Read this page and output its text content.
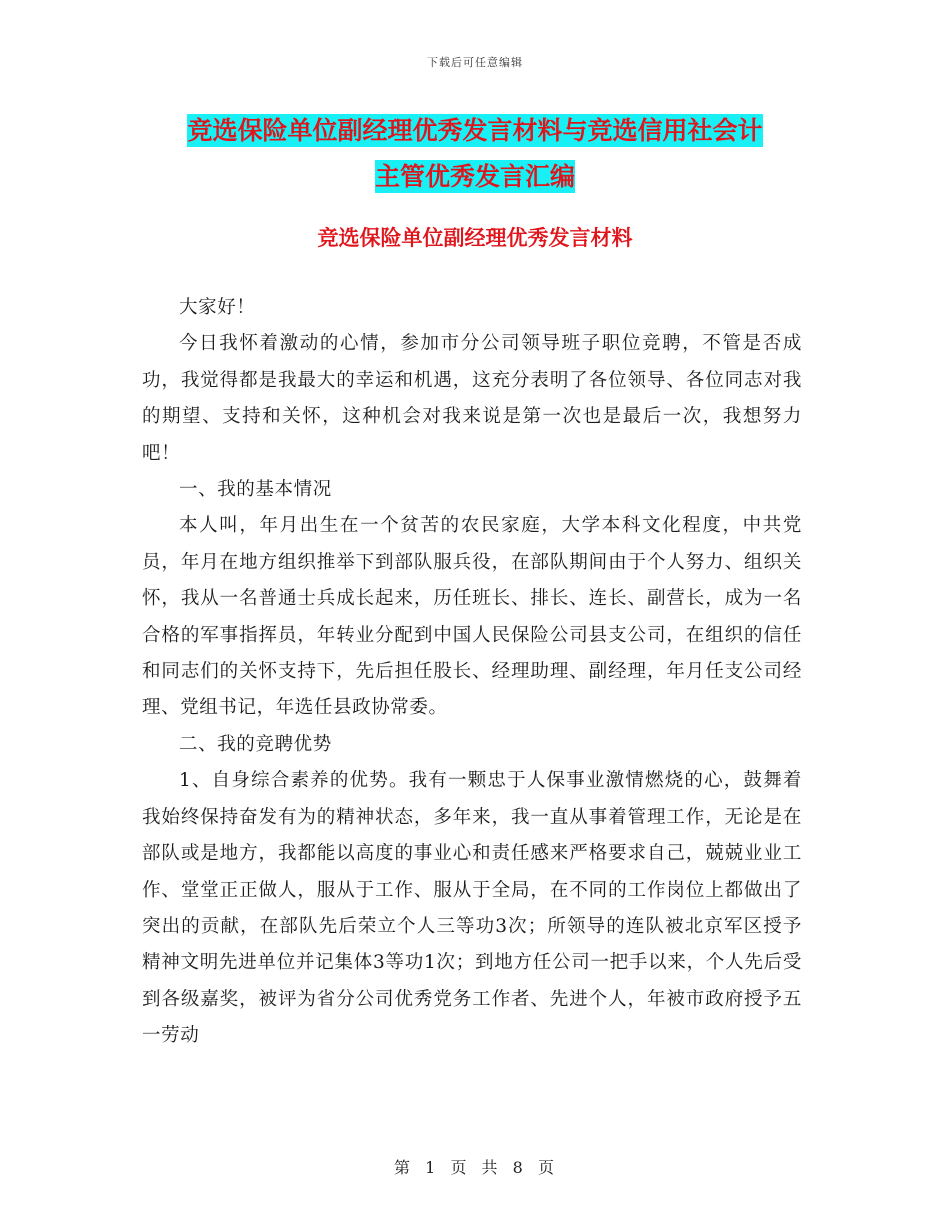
下载后可任意编辑
竞选保险单位副经理优秀发言材料与竞选信用社会计
主管优秀发言汇编
竞选保险单位副经理优秀发言材料

大家好！

今日我怀着激动的心情，参加市分公司领导班子职位竞聘，不管是否成功，我觉得都是我最大的幸运和机遇，这充分表明了各位领导、各位同志对我的期望、支持和关怀，这种机会对我来说是第一次也是最后一次，我想努力吧！

一、我的基本情况

本人叫，年月出生在一个贫苦的农民家庭，大学本科文化程度，中共党员，年月在地方组织推举下到部队服兵役，在部队期间由于个人努力、组织关怀，我从一名普通士兵成长起来，历任班长、排长、连长、副营长，成为一名合格的军事指挥员，年转业分配到中国人民保险公司县支公司，在组织的信任和同志们的关怀支持下，先后担任股长、经理助理、副经理，年月任支公司经理、党组书记，年选任县政协常委。

二、我的竞聘优势

1、自身综合素养的优势。我有一颗忠于人保事业激情燃烧的心，鼓舞着我始终保持奋发有为的精神状态，多年来，我一直从事着管理工作，无论是在部队或是地方，我都能以高度的事业心和责任感来严格要求自己，兢兢业业工作、堂堂正正做人，服从于工作、服从于全局，在不同的工作岗位上都做出了突出的贡献，在部队先后荣立个人三等功3次；所领导的连队被北京军区授予精神文明先进单位并记集体3等功1次；到地方任公司一把手以来，个人先后受到各级嘉奖，被评为省分公司优秀党务工作者、先进个人，年被市政府授予五一劳动

第 1 页 共 8 页
